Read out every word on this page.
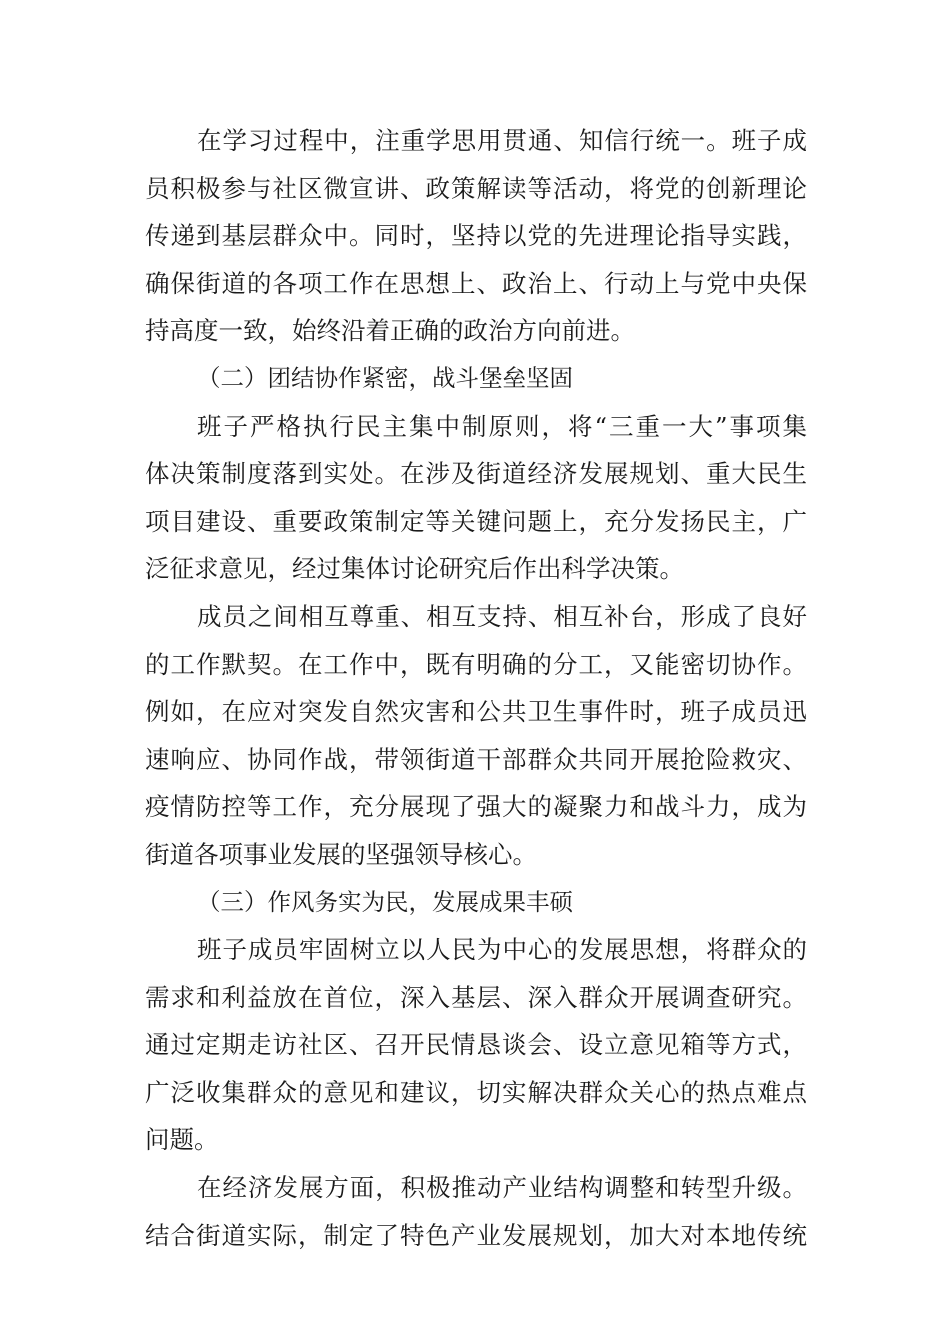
在学习过程中，注重学思用贯通、知信行统一。班子成
员积极参与社区微宣讲、政策解读等活动，将党的创新理论
传递到基层群众中。同时，坚持以党的先进理论指导实践，
确保街道的各项工作在思想上、政治上、行动上与党中央保
持高度一致，始终沿着正确的政治方向前进。
（二）团结协作紧密，战斗堡垒坚固
班子严格执行民主集中制原则，将“三重一大”事项集
体决策制度落到实处。在涉及街道经济发展规划、重大民生
项目建设、重要政策制定等关键问题上，充分发扬民主，广
泛征求意见，经过集体讨论研究后作出科学决策。
成员之间相互尊重、相互支持、相互补台，形成了良好
的工作默契。在工作中，既有明确的分工，又能密切协作。
例如，在应对突发自然灾害和公共卫生事件时，班子成员迅
速响应、协同作战，带领街道干部群众共同开展抢险救灾、
疫情防控等工作，充分展现了强大的凝聚力和战斗力，成为
街道各项事业发展的坚强领导核心。
（三）作风务实为民，发展成果丰硕
班子成员牢固树立以人民为中心的发展思想，将群众的
需求和利益放在首位，深入基层、深入群众开展调查研究。
通过定期走访社区、召开民情恳谈会、设立意见箱等方式，
广泛收集群众的意见和建议，切实解决群众关心的热点难点
问题。
在经济发展方面，积极推动产业结构调整和转型升级。
结合街道实际，制定了特色产业发展规划，加大对本地传统
